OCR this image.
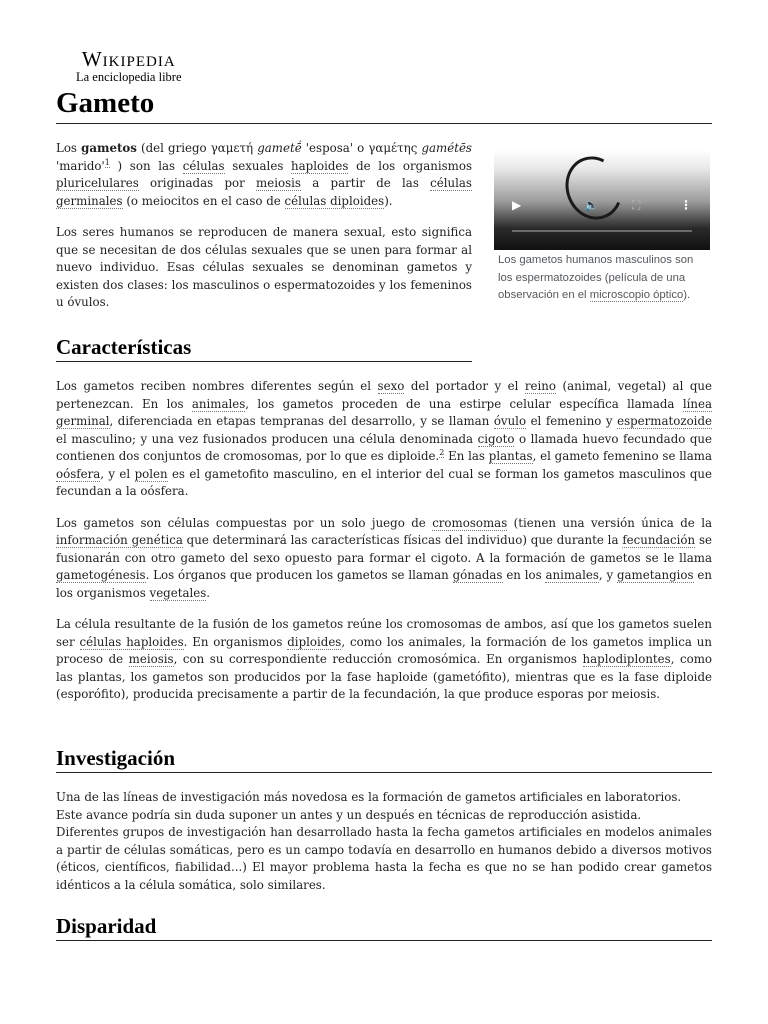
Wikipedia
La enciclopedia libre
Gameto

Los gametos (del griego γαμετή gametḗ 'esposa' o γαμέτης gamétēs '$marido'^1$ ) son las células sexuales haploides de los organismos pluricelulares originadas por meiosis a partir de las células germinales (o meiocitos en el caso de células diploides).

Los seres humanos se reproducen de manera sexual, esto significa que se necesitan de dos células sexuales que se unen para formar al nuevo individuo. Esas células sexuales se denominan gametos y existen dos clases: los masculinos o espermatozoides y los femeninos u óvulos.

▶	🔈	⛶	⋮
Los gametos humanos masculinos son los espermatozoides (película de una observación en el microscopio óptico).
Características

Los gametos reciben nombres diferentes según el sexo del portador y el reino (animal, vegetal) al que pertenezcan. En los animales, los gametos proceden de una estirpe celular específica llamada línea germinal, diferenciada en etapas tempranas del desarrollo, y se llaman óvulo el femenino y espermatozoide el masculino; y una vez fusionados producen una célula denominada cigoto o llamada huevo fecundado que contienen dos conjuntos de cromosomas, por lo que es diploide.$^2$ En las plantas, el gameto femenino se llama oósfera, y el polen es el gametofito masculino, en el interior del cual se forman los gametos masculinos que fecundan a la oósfera.

Los gametos son células compuestas por un solo juego de cromosomas (tienen una versión única de la información genética que determinará las características físicas del individuo) que durante la fecundación se fusionarán con otro gameto del sexo opuesto para formar el cigoto. A la formación de gametos se le llama gametogénesis. Los órganos que producen los gametos se llaman gónadas en los animales, y gametangios en los organismos vegetales.

La célula resultante de la fusión de los gametos reúne los cromosomas de ambos, así que los gametos suelen ser células haploides. En organismos diploides, como los animales, la formación de los gametos implica un proceso de meiosis, con su correspondiente reducción cromosómica. En organismos haplodiplontes, como las plantas, los gametos son producidos por la fase haploide (gametófito), mientras que es la fase diploide (esporófito), producida precisamente a partir de la fecundación, la que produce esporas por meiosis.

Investigación

Una de las líneas de investigación más novedosa es la formación de gametos artificiales en laboratorios.

Este avance podría sin duda suponer un antes y un después en técnicas de reproducción asistida.

Diferentes grupos de investigación han desarrollado hasta la fecha gametos artificiales en modelos animales a partir de células somáticas, pero es un campo todavía en desarrollo en humanos debido a diversos motivos (éticos, científicos, fiabilidad...) El mayor problema hasta la fecha es que no se han podido crear gametos idénticos a la célula somática, solo similares.

Disparidad
